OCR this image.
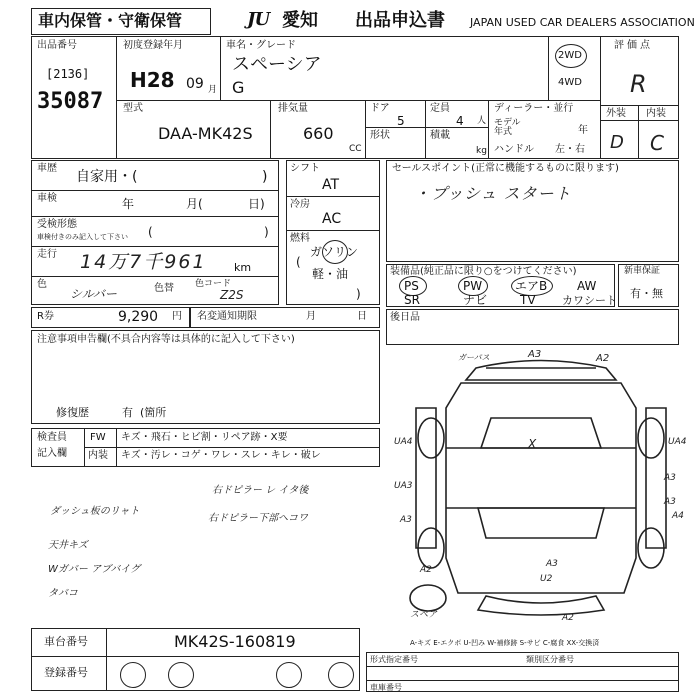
車内保管・守衛保管	JU 愛知 出品申込書 JAPAN USED CAR DEALERS ASSOCIATION
出品番号
[2136]
35087
初度登録年月
H28 09 月
車名・グレード
スペーシア
G
2WD
4WD
評価点
R
外装 内装
D C
型式
DAA-MK42S
排気量
660
CC
ドア
5
形状
定員
4 人
積載
kg
ディーラー・並行
モデル年式	年
ハンドル 左・右
車歴
自家用・(	)
車検	年	月(	日)
受検形態
車検付きのみ記入して下さい (	)
走行 14万7千961 km
色
シルバー	色替 色コード
Z2S
シフト
AT
冷房
AC
燃料
(
ガソリン
軽・油
)
セールスポイント(正常に機能するものに限ります)
・プッシュ スタート
装備品(純正品に限り○をつけてください)
PS	PW	エアB AW
SR	ナビ	TV カワシート
新車保証
有・無
R券	9,290 円 名変通知期限	月	日 後日品
注意事項申告欄(不具合内容等は具体的に記入して下さい)
修復歴	有 (箇所
検査員
記入欄
FW キズ・飛石・ヒビ割・リペア跡・X要
内装 キズ・汚レ・コゲ・ワレ・スレ・キレ・破レ
右ドピラー レ イタ後
ダッシュ板のリャト
右ドピラー下部ヘコワ
天井キズ
Wガバー アブバイグ
タバコ
ガーパス	A3	A2
X
UA4
UA3
A3
A3
UA4
A4
A3
A3
U2
A2
スペア	A2
A-キズ E-エクボ U-凹み W-補修跡 S-サビ C-腐食 XX-交換済
車台番号	MK42S-160819
登録番号
形式指定番号	類別区分番号
車庫番号
